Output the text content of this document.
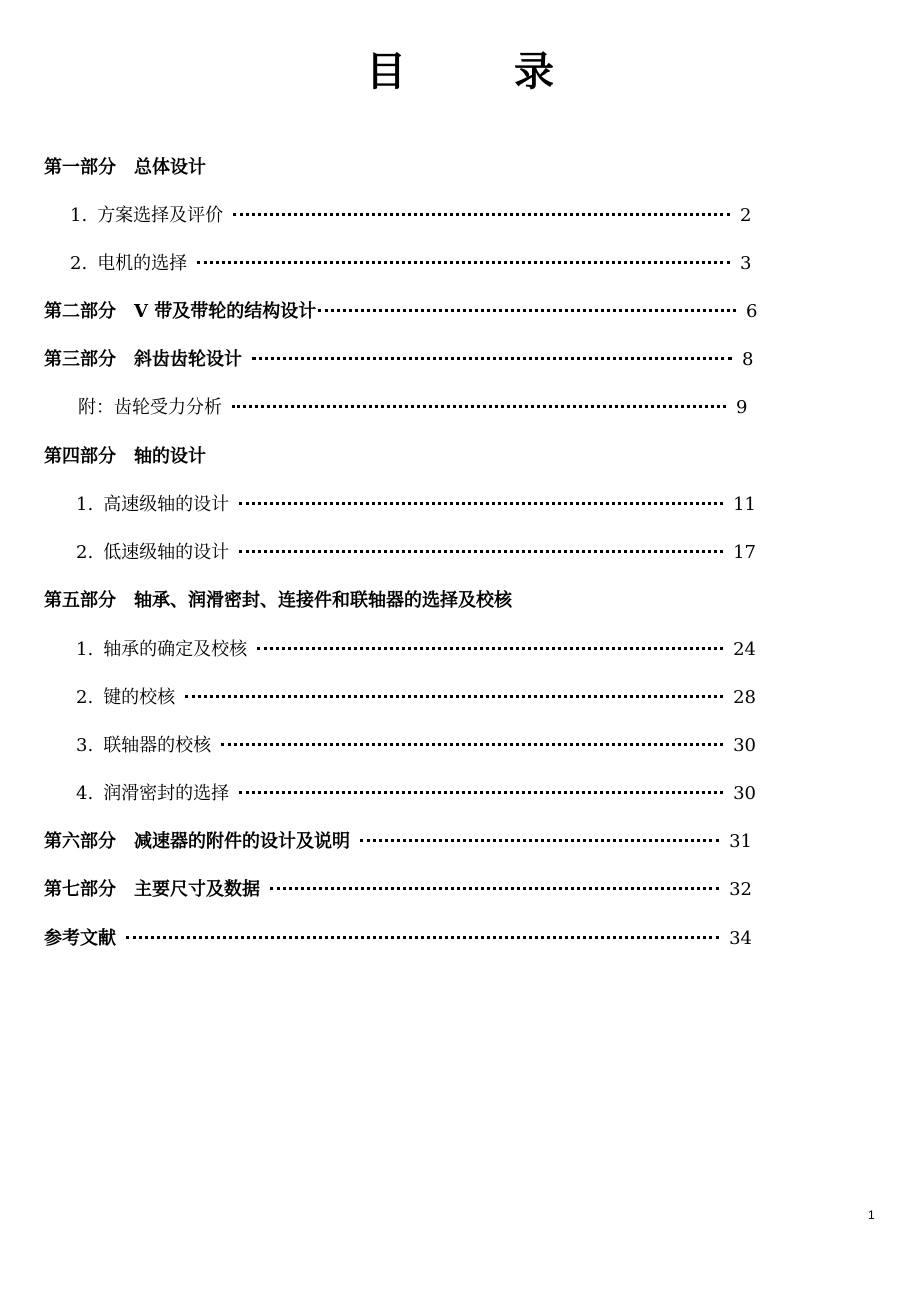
目　录
第一部分 总体设计
1. 方案选择及评价	2
2. 电机的选择	3
第二部分 V 带及带轮的结构设计	6
第三部分 斜齿齿轮设计	8
附：齿轮受力分析	9
第四部分 轴的设计
1. 高速级轴的设计	11
2. 低速级轴的设计	17
第五部分 轴承、润滑密封、连接件和联轴器的选择及校核
1. 轴承的确定及校核	24
2. 键的校核	28
3. 联轴器的校核	30
4. 润滑密封的选择	30
第六部分 减速器的附件的设计及说明	31
第七部分 主要尺寸及数据	32
参考文献	34
1
